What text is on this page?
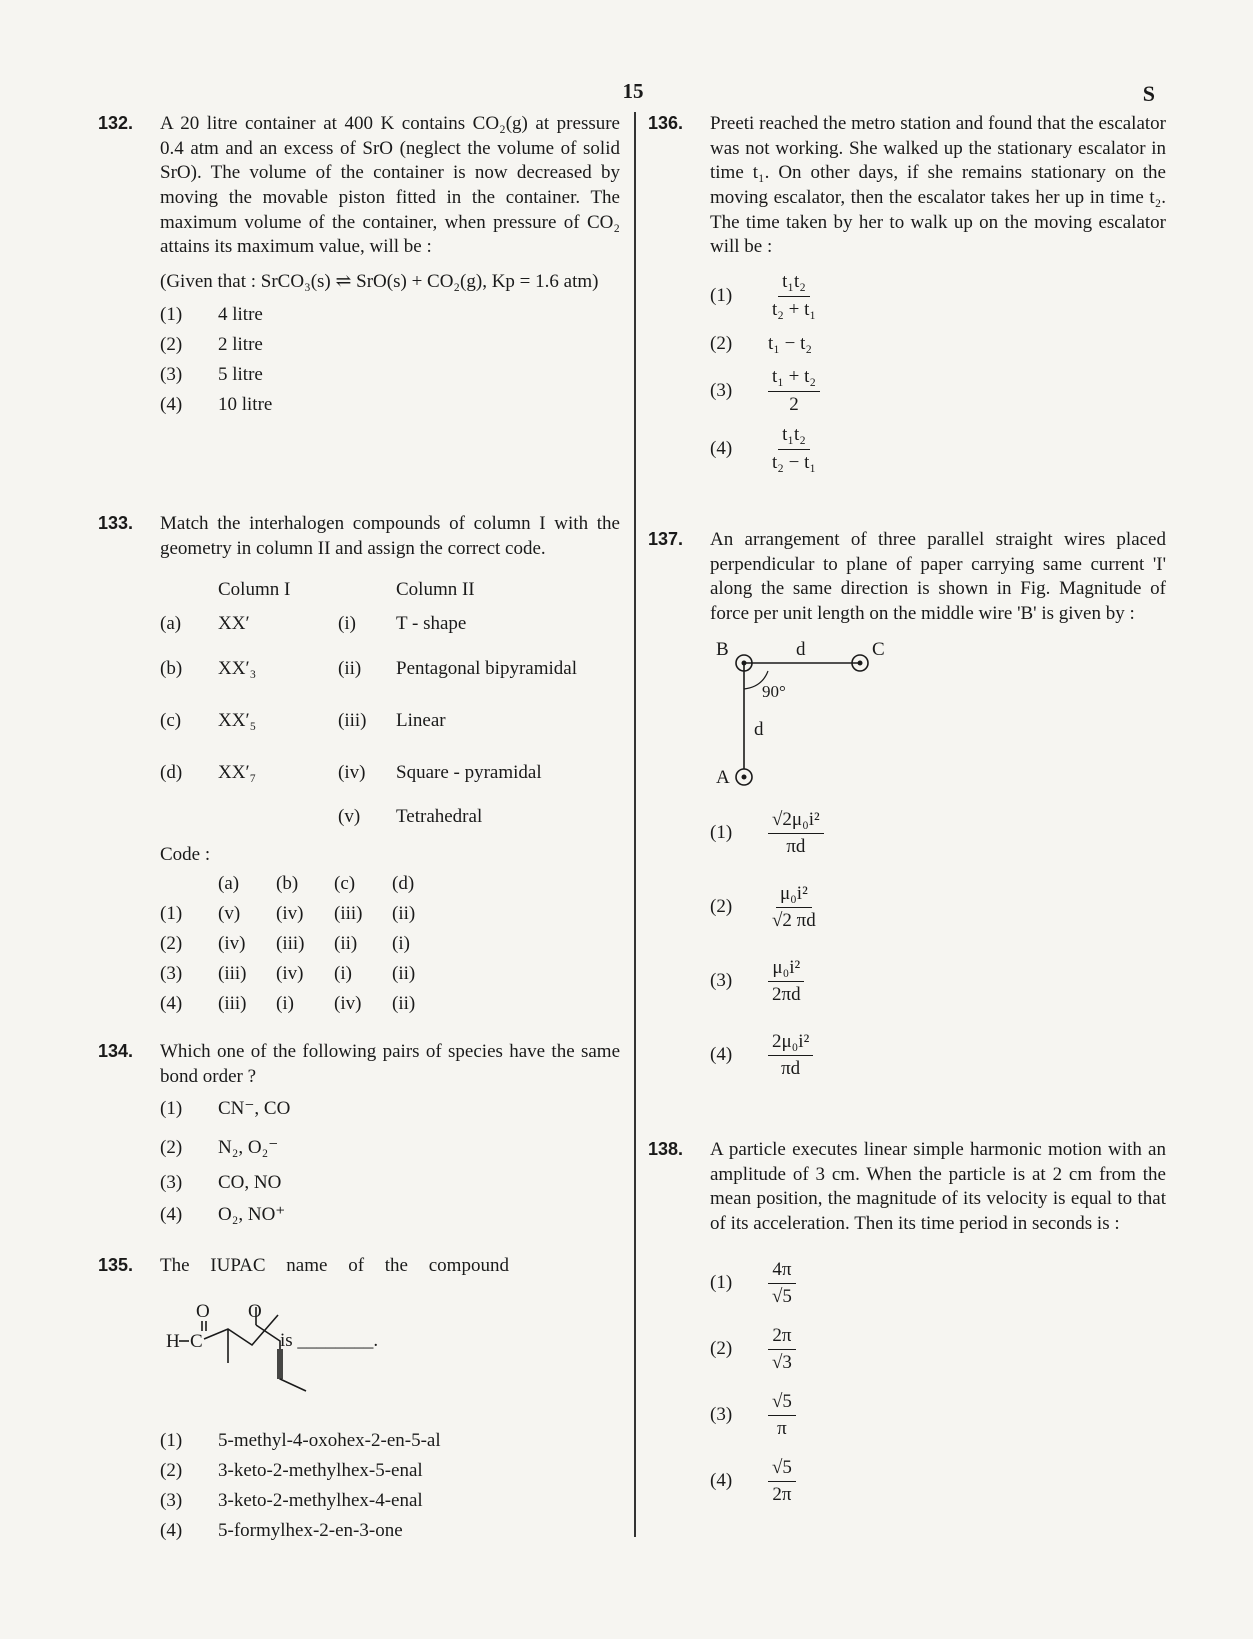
15	S
132. A 20 litre container at 400 K contains CO₂(g) at pressure 0.4 atm and an excess of SrO (neglect the volume of solid SrO). The volume of the container is now decreased by moving the movable piston fitted in the container. The maximum volume of the container, when pressure of CO₂ attains its maximum value, will be :
(Given that : SrCO₃(s) ⇌ SrO(s) + CO₂(g), Kp = 1.6 atm)
(1)	4 litre
(2)	2 litre
(3)	5 litre
(4)	10 litre
133. Match the interhalogen compounds of column I with the geometry in column II and assign the correct code.
Column I	Column II
(a)	XX′	(i)	T - shape
(b)	XX′₃	(ii)	Pentagonal bipyramidal
(c)	XX′₅	(iii)	Linear
(d)	XX′₇	(iv)	Square - pyramidal
(v)	Tetrahedral
Code :
(a)	(b)	(c)	(d)
(1)	(v)	(iv)	(iii)	(ii)
(2)	(iv)	(iii)	(ii)	(i)
(3)	(iii)	(iv)	(i)	(ii)
(4)	(iii)	(i)	(iv)	(ii)
134. Which one of the following pairs of species have the same bond order ?
(1)	CN⁻, CO
(2)	N₂, O₂⁻
(3)	CO, NO
(4)	O₂, NO⁺
135. The IUPAC name of the compound
H C
O O
is ________.
(1)	5-methyl-4-oxohex-2-en-5-al
(2)	3-keto-2-methylhex-5-enal
(3)	3-keto-2-methylhex-4-enal
(4)	5-formylhex-2-en-3-one
136. Preeti reached the metro station and found that the escalator was not working. She walked up the stationary escalator in time t₁. On other days, if she remains stationary on the moving escalator, then the escalator takes her up in time t₂. The time taken by her to walk up on the moving escalator will be :
(1)	$\frac{\text{t₁t₂}}{\text{t₂ + t₁}}$
(2)	t₁ − t₂
(3)	$\frac{\text{t₁ + t₂}}{2}$
(4)	$\frac{\text{t₁t₂}}{\text{t₂ − t₁}}$
137. An arrangement of three parallel straight wires placed perpendicular to plane of paper carrying same current 'I' along the same direction is shown in Fig. Magnitude of force per unit length on the middle wire 'B' is given by :
B	d	C
90°
d
A
(1)	$\frac{\text{√2μ₀i²}}{\pi d}$
(2)	$\frac{\text{μ₀i²}}{√2 \pi d}$
(3)	$\frac{\text{μ₀i²}}{2\pi d}$
(4)	$\frac{\text{2μ₀i²}}{\pi d}$
138. A particle executes linear simple harmonic motion with an amplitude of 3 cm. When the particle is at 2 cm from the mean position, the magnitude of its velocity is equal to that of its acceleration. Then its time period in seconds is :
(1)	$\frac{4\pi}{√5}$
(2)	$\frac{2\pi}{√3}$
(3)	$\frac{√5}{\pi}$
(4)	$\frac{√5}{2\pi}$
